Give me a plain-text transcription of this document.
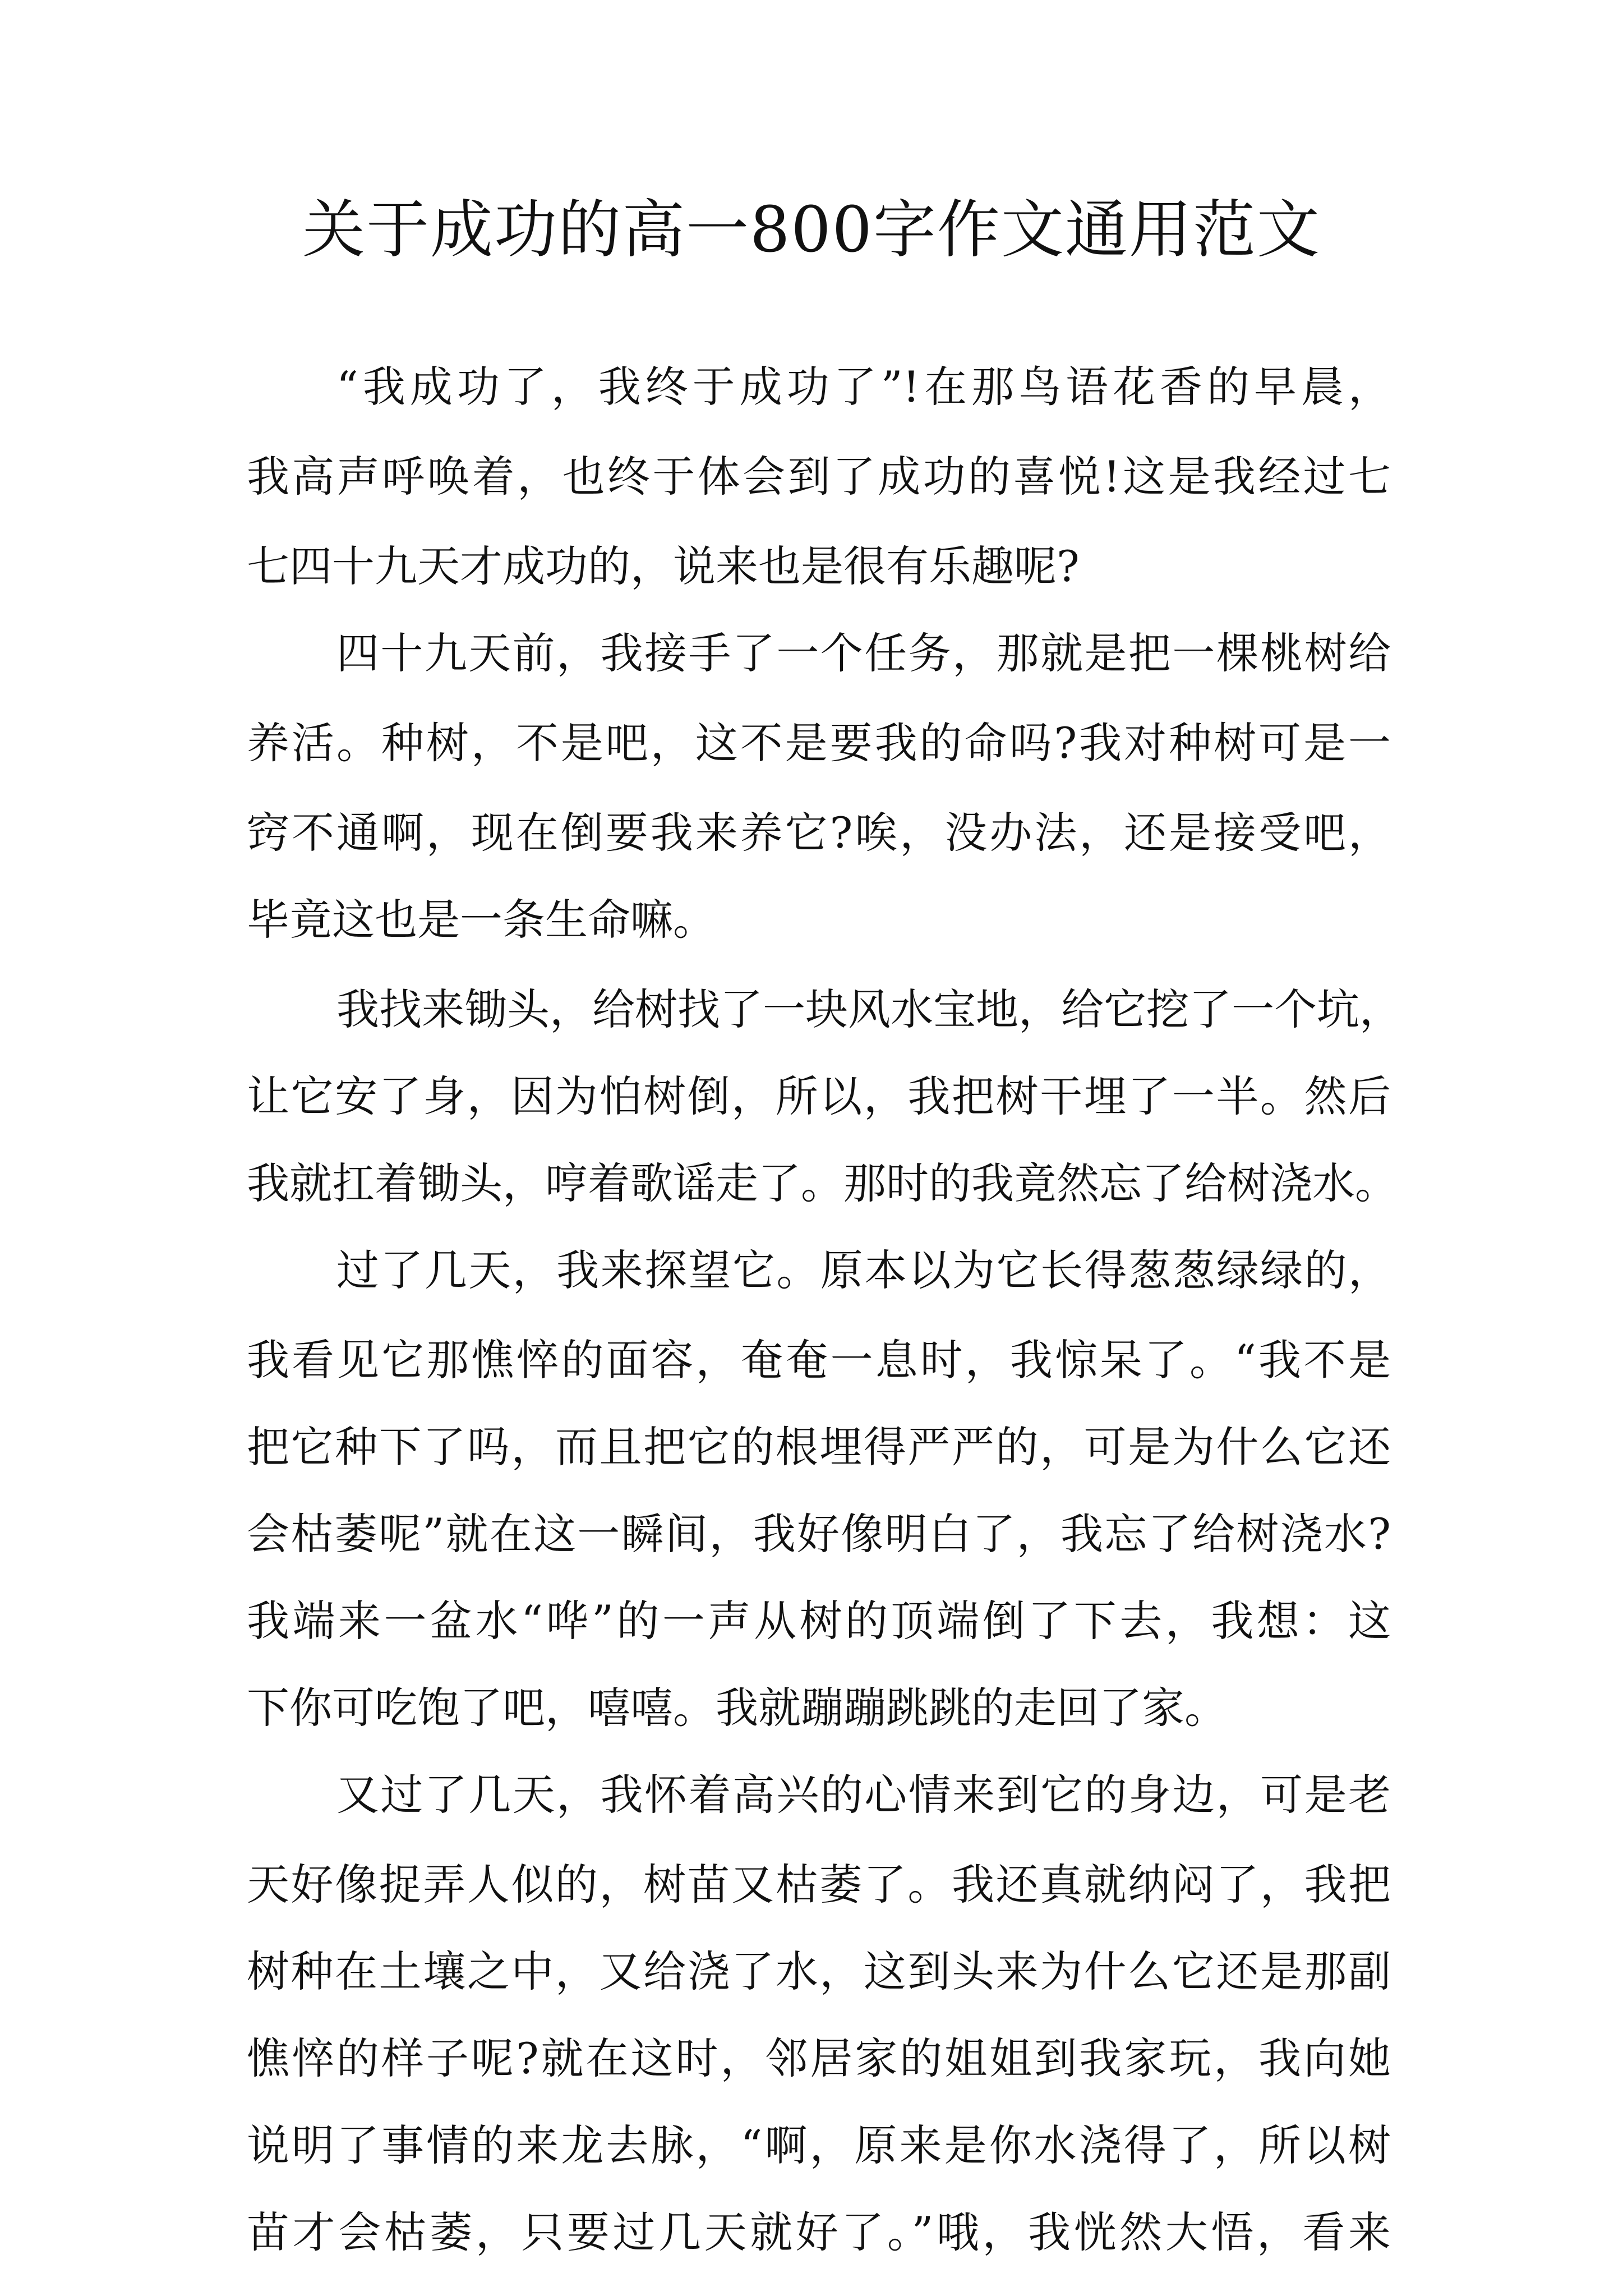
关于成功的高一800字作文通用范文

“我成功了，我终于成功了”!在那鸟语花香的早晨，

我高声呼唤着，也终于体会到了成功的喜悦!这是我经过七

七四十九天才成功的，说来也是很有乐趣呢?

四十九天前，我接手了一个任务，那就是把一棵桃树给

养活。种树，不是吧，这不是要我的命吗?我对种树可是一

窍不通啊，现在倒要我来养它?唉，没办法，还是接受吧，

毕竟这也是一条生命嘛。

我找来锄头，给树找了一块风水宝地，给它挖了一个坑，

让它安了身，因为怕树倒，所以，我把树干埋了一半。然后

我就扛着锄头，哼着歌谣走了。那时的我竟然忘了给树浇水。

过了几天，我来探望它。原本以为它长得葱葱绿绿的，

我看见它那憔悴的面容，奄奄一息时，我惊呆了。“我不是

把它种下了吗，而且把它的根埋得严严的，可是为什么它还

会枯萎呢”就在这一瞬间，我好像明白了，我忘了给树浇水?

我端来一盆水“哗”的一声从树的顶端倒了下去，我想：这

下你可吃饱了吧，嘻嘻。我就蹦蹦跳跳的走回了家。

又过了几天，我怀着高兴的心情来到它的身边，可是老

天好像捉弄人似的，树苗又枯萎了。我还真就纳闷了，我把

树种在土壤之中，又给浇了水，这到头来为什么它还是那副

憔悴的样子呢?就在这时，邻居家的姐姐到我家玩，我向她

说明了事情的来龙去脉，“啊，原来是你水浇得了，所以树

苗才会枯萎，只要过几天就好了。”哦，我恍然大悟，看来
